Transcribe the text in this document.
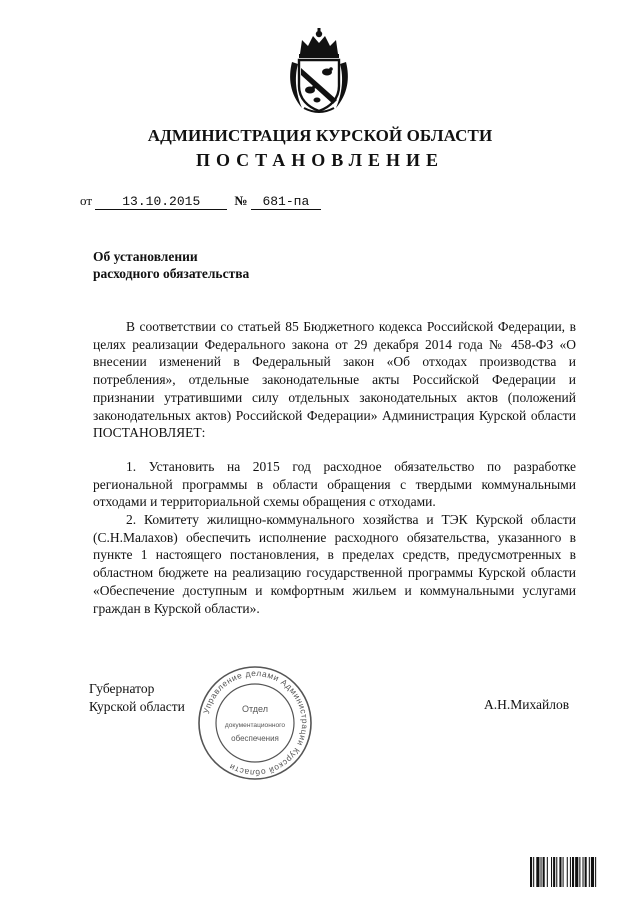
АДМИНИСТРАЦИЯ КУРСКОЙ ОБЛАСТИ
ПОСТАНОВЛЕНИЕ
от 13.10.2015	№ 681-па
Об установлении
расходного обязательства

В соответствии со статьей 85 Бюджетного кодекса Российской Федерации, в целях реализации Федерального закона от 29 декабря 2014 года № 458-ФЗ «О внесении изменений в Федеральный закон «Об отходах производства и потребления», отдельные законодательные акты Российской Федерации и признании утратившими силу отдельных законодательных актов (положений законодательных актов) Российской Федерации» Администрация Курской области ПОСТАНОВЛЯЕТ:

1. Установить на 2015 год расходное обязательство по разработке региональной программы в области обращения с твердыми коммунальными отходами и территориальной схемы обращения с отходами.

2. Комитету жилищно-коммунального хозяйства и ТЭК Курской области (С.Н.Малахов) обеспечить исполнение расходного обязательства, указанного в пункте 1 настоящего постановления, в пределах средств, предусмотренных в областном бюджете на реализацию государственной программы Курской области «Обеспечение доступным и комфортным жильем и коммунальными услугами граждан в Курской области».

Губернатор
Курской области	А.Н.Михайлов
Управление делами Администрации Курской области
Отдел
документационного
обеспечения
